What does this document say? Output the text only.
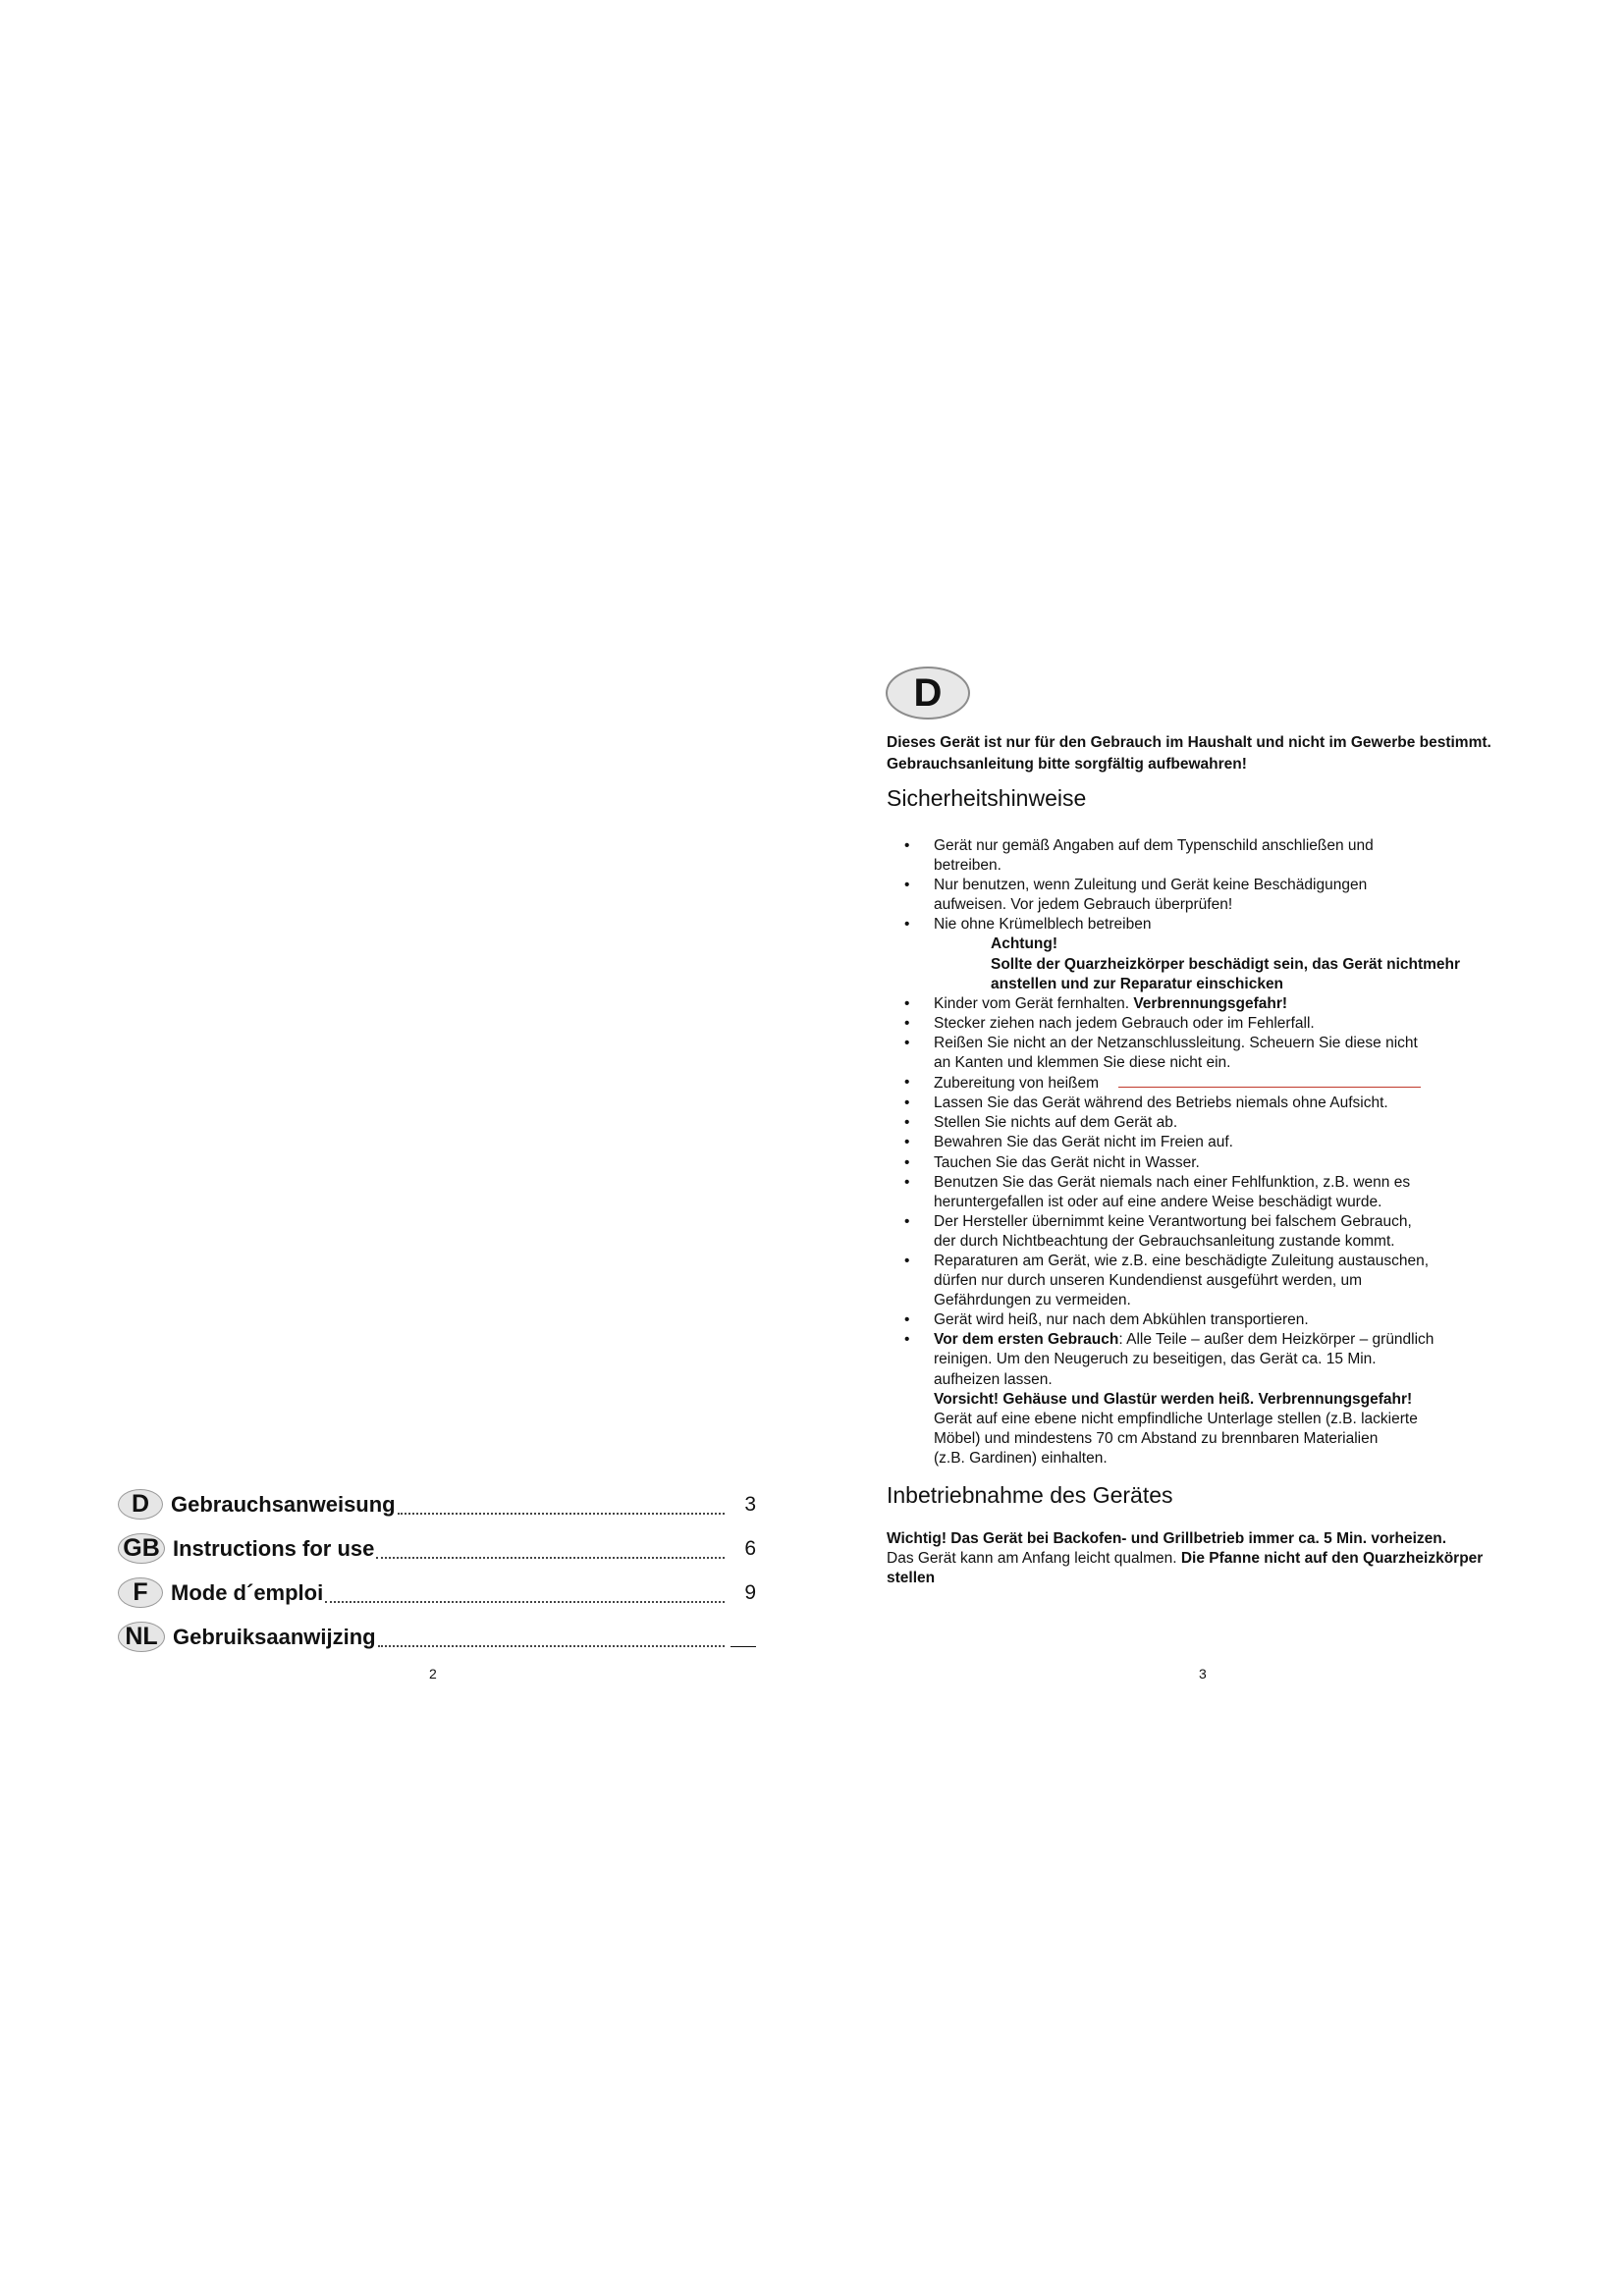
D Gebrauchsanweisung	3
GB Instructions for use	6
F	Mode d´emploi	9
NL Gebruiksaanwijzing
2
D
Dieses Gerät ist nur für den Gebrauch im Haushalt und nicht im Gewerbe bestimmt. Gebrauchsanleitung bitte sorgfältig aufbewahren!
Sicherheitshinweise
• Gerät nur gemäß Angaben auf dem Typenschild anschließen und
betreiben.
• Nur benutzen, wenn Zuleitung und Gerät keine Beschädigungen
aufweisen. Vor jedem Gebrauch überprüfen!
• Nie ohne Krümelblech betreiben
Achtung!
Sollte der Quarzheizkörper beschädigt sein, das Gerät nichtmehr
anstellen und zur Reparatur einschicken
• Kinder vom Gerät fernhalten. Verbrennungsgefahr!
• Stecker ziehen nach jedem Gebrauch oder im Fehlerfall.
• Reißen Sie nicht an der Netzanschlussleitung. Scheuern Sie diese nicht
an Kanten und klemmen Sie diese nicht ein.
• Zubereitung von heißem
• Lassen Sie das Gerät während des Betriebs niemals ohne Aufsicht.
• Stellen Sie nichts auf dem Gerät ab.
• Bewahren Sie das Gerät nicht im Freien auf.
• Tauchen Sie das Gerät nicht in Wasser.
• Benutzen Sie das Gerät niemals nach einer Fehlfunktion, z.B. wenn es
heruntergefallen ist oder auf eine andere Weise beschädigt wurde.
• Der Hersteller übernimmt keine Verantwortung bei falschem Gebrauch,
der durch Nichtbeachtung der Gebrauchsanleitung zustande kommt.
• Reparaturen am Gerät, wie z.B. eine beschädigte Zuleitung austauschen,
dürfen nur durch unseren Kundendienst ausgeführt werden, um
Gefährdungen zu vermeiden.
• Gerät wird heiß, nur nach dem Abkühlen transportieren.
• Vor dem ersten Gebrauch: Alle Teile – außer dem Heizkörper – gründlich
reinigen. Um den Neugeruch zu beseitigen, das Gerät ca. 15 Min.
aufheizen lassen.
Vorsicht! Gehäuse und Glastür werden heiß. Verbrennungsgefahr!
Gerät auf eine ebene nicht empfindliche Unterlage stellen (z.B. lackierte
Möbel) und mindestens 70 cm Abstand zu brennbaren Materialien
(z.B. Gardinen) einhalten.
Inbetriebnahme des Gerätes
Wichtig! Das Gerät bei Backofen- und Grillbetrieb immer ca. 5 Min. vorheizen.
Das Gerät kann am Anfang leicht qualmen. Die Pfanne nicht auf den Quarzheizkörper stellen
3
